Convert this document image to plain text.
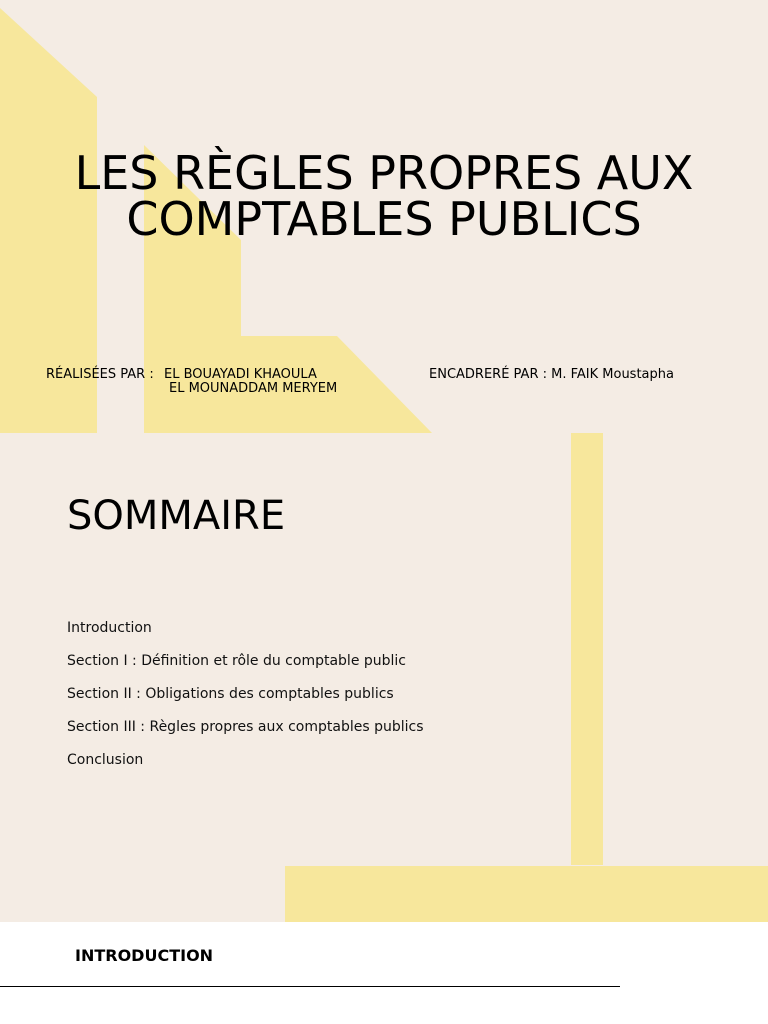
LES RÈGLES PROPRES AUX
COMPTABLES PUBLICS
RÉALISÉES PAR : EL BOUAYADI KHAOULA
EL MOUNADDAM MERYEM
ENCADRERÉ PAR : M. FAIK Moustapha
SOMMAIRE
Introduction
Section I : Définition et rôle du comptable public
Section II : Obligations des comptables publics
Section III : Règles propres aux comptables publics
Conclusion
INTRODUCTION
